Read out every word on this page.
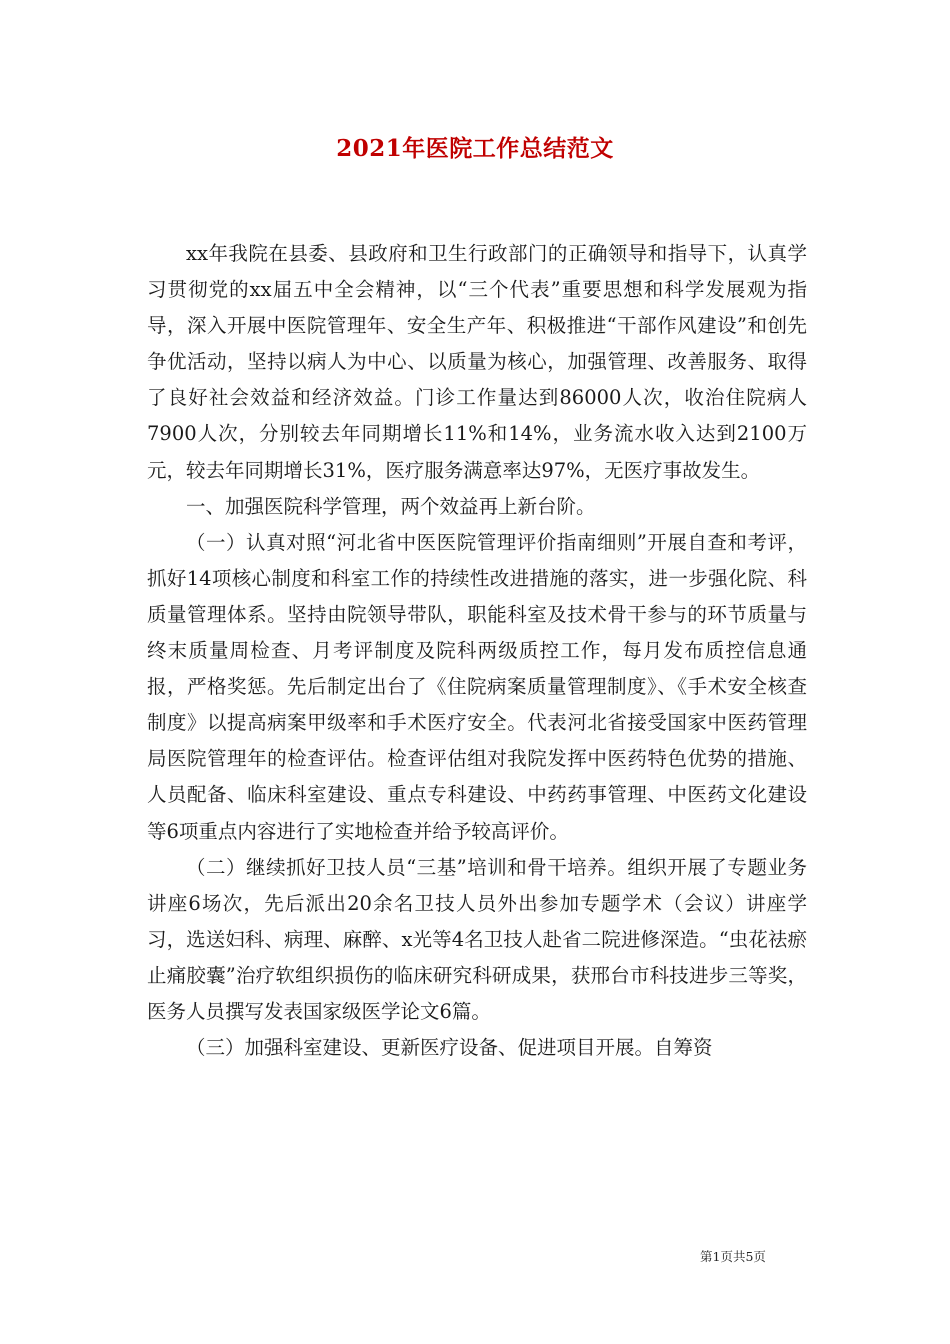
2021年医院工作总结范文

xx年我院在县委、县政府和卫生行政部门的正确领导和指导下，认真学习贯彻党的xx届五中全会精神，以“三个代表”重要思想和科学发展观为指导，深入开展中医院管理年、安全生产年、积极推进“干部作风建设”和创先争优活动，坚持以病人为中心、以质量为核心，加强管理、改善服务、取得了良好社会效益和经济效益。门诊工作量达到86000人次，收治住院病人7900人次，分别较去年同期增长11%和14%，业务流水收入达到2100万元，较去年同期增长31%，医疗服务满意率达97%，无医疗事故发生。

一、加强医院科学管理，两个效益再上新台阶。

（一）认真对照“河北省中医医院管理评价指南细则”开展自查和考评，抓好14项核心制度和科室工作的持续性改进措施的落实，进一步强化院、科质量管理体系。坚持由院领导带队，职能科室及技术骨干参与的环节质量与终末质量周检查、月考评制度及院科两级质控工作，每月发布质控信息通报，严格奖惩。先后制定出台了《住院病案质量管理制度》、《手术安全核查制度》以提高病案甲级率和手术医疗安全。代表河北省接受国家中医药管理局医院管理年的检查评估。检查评估组对我院发挥中医药特色优势的措施、人员配备、临床科室建设、重点专科建设、中药药事管理、中医药文化建设等6项重点内容进行了实地检查并给予较高评价。

（二）继续抓好卫技人员“三基”培训和骨干培养。组织开展了专题业务讲座6场次，先后派出20余名卫技人员外出参加专题学术（会议）讲座学习，选送妇科、病理、麻醉、x光等4名卫技人赴省二院进修深造。“虫花祛瘀止痛胶囊”治疗软组织损伤的临床研究科研成果，获邢台市科技进步三等奖，医务人员撰写发表国家级医学论文6篇。

（三）加强科室建设、更新医疗设备、促进项目开展。自筹资

第1页共5页
